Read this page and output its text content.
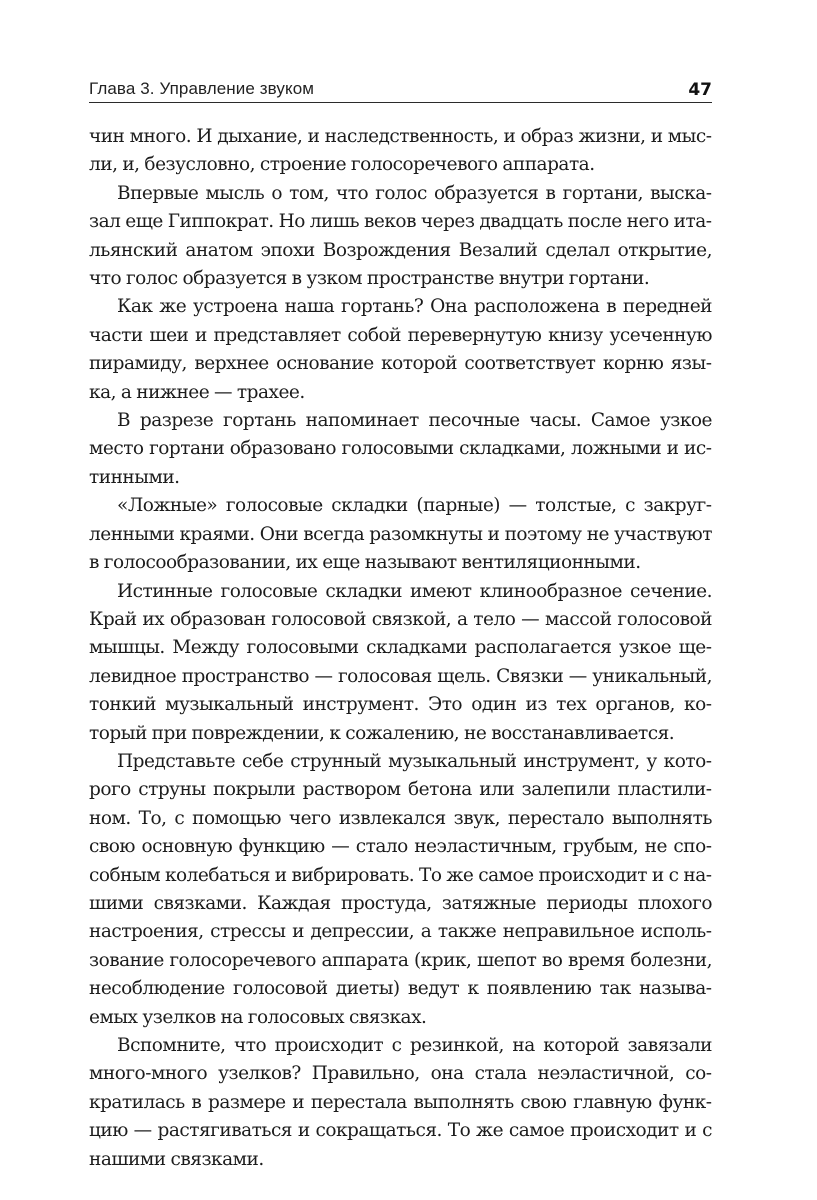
Глава 3. Управление звуком	47

чин много. И дыхание, и наследственность, и образ жизни, и мысли, и, безусловно, строение голосоречевого аппарата.

Впервые мысль о том, что голос образуется в гортани, высказал еще Гиппократ. Но лишь веков через двадцать после него итальянский анатом эпохи Возрождения Везалий сделал открытие, что голос образуется в узком пространстве внутри гортани.

Как же устроена наша гортань? Она расположена в передней части шеи и представляет собой перевернутую книзу усеченную пирамиду, верхнее основание которой соответствует корню языка, а нижнее — трахее.

В разрезе гортань напоминает песочные часы. Самое узкое место гортани образовано голосовыми складками, ложными и истинными.

«Ложные» голосовые складки (парные) — толстые, с закругленными краями. Они всегда разомкнуты и поэтому не участвуют в голосообразовании, их еще называют вентиляционными.

Истинные голосовые складки имеют клинообразное сечение. Край их образован голосовой связкой, а тело — массой голосовой мышцы. Между голосовыми складками располагается узкое щелевидное пространство — голосовая щель. Связки — уникальный, тонкий музыкальный инструмент. Это один из тех органов, который при повреждении, к сожалению, не восстанавливается.

Представьте себе струнный музыкальный инструмент, у которого струны покрыли раствором бетона или залепили пластилином. То, с помощью чего извлекался звук, перестало выполнять свою основную функцию — стало неэластичным, грубым, не способным колебаться и вибрировать. То же самое происходит и с нашими связками. Каждая простуда, затяжные периоды плохого настроения, стрессы и депрессии, а также неправильное использование голосоречевого аппарата (крик, шепот во время болезни, несоблюдение голосовой диеты) ведут к появлению так называемых узелков на голосовых связках.

Вспомните, что происходит с резинкой, на которой завязали много-много узелков? Правильно, она стала неэластичной, сократилась в размере и перестала выполнять свою главную функцию — растягиваться и сокращаться. То же самое происходит и с нашими связками.
